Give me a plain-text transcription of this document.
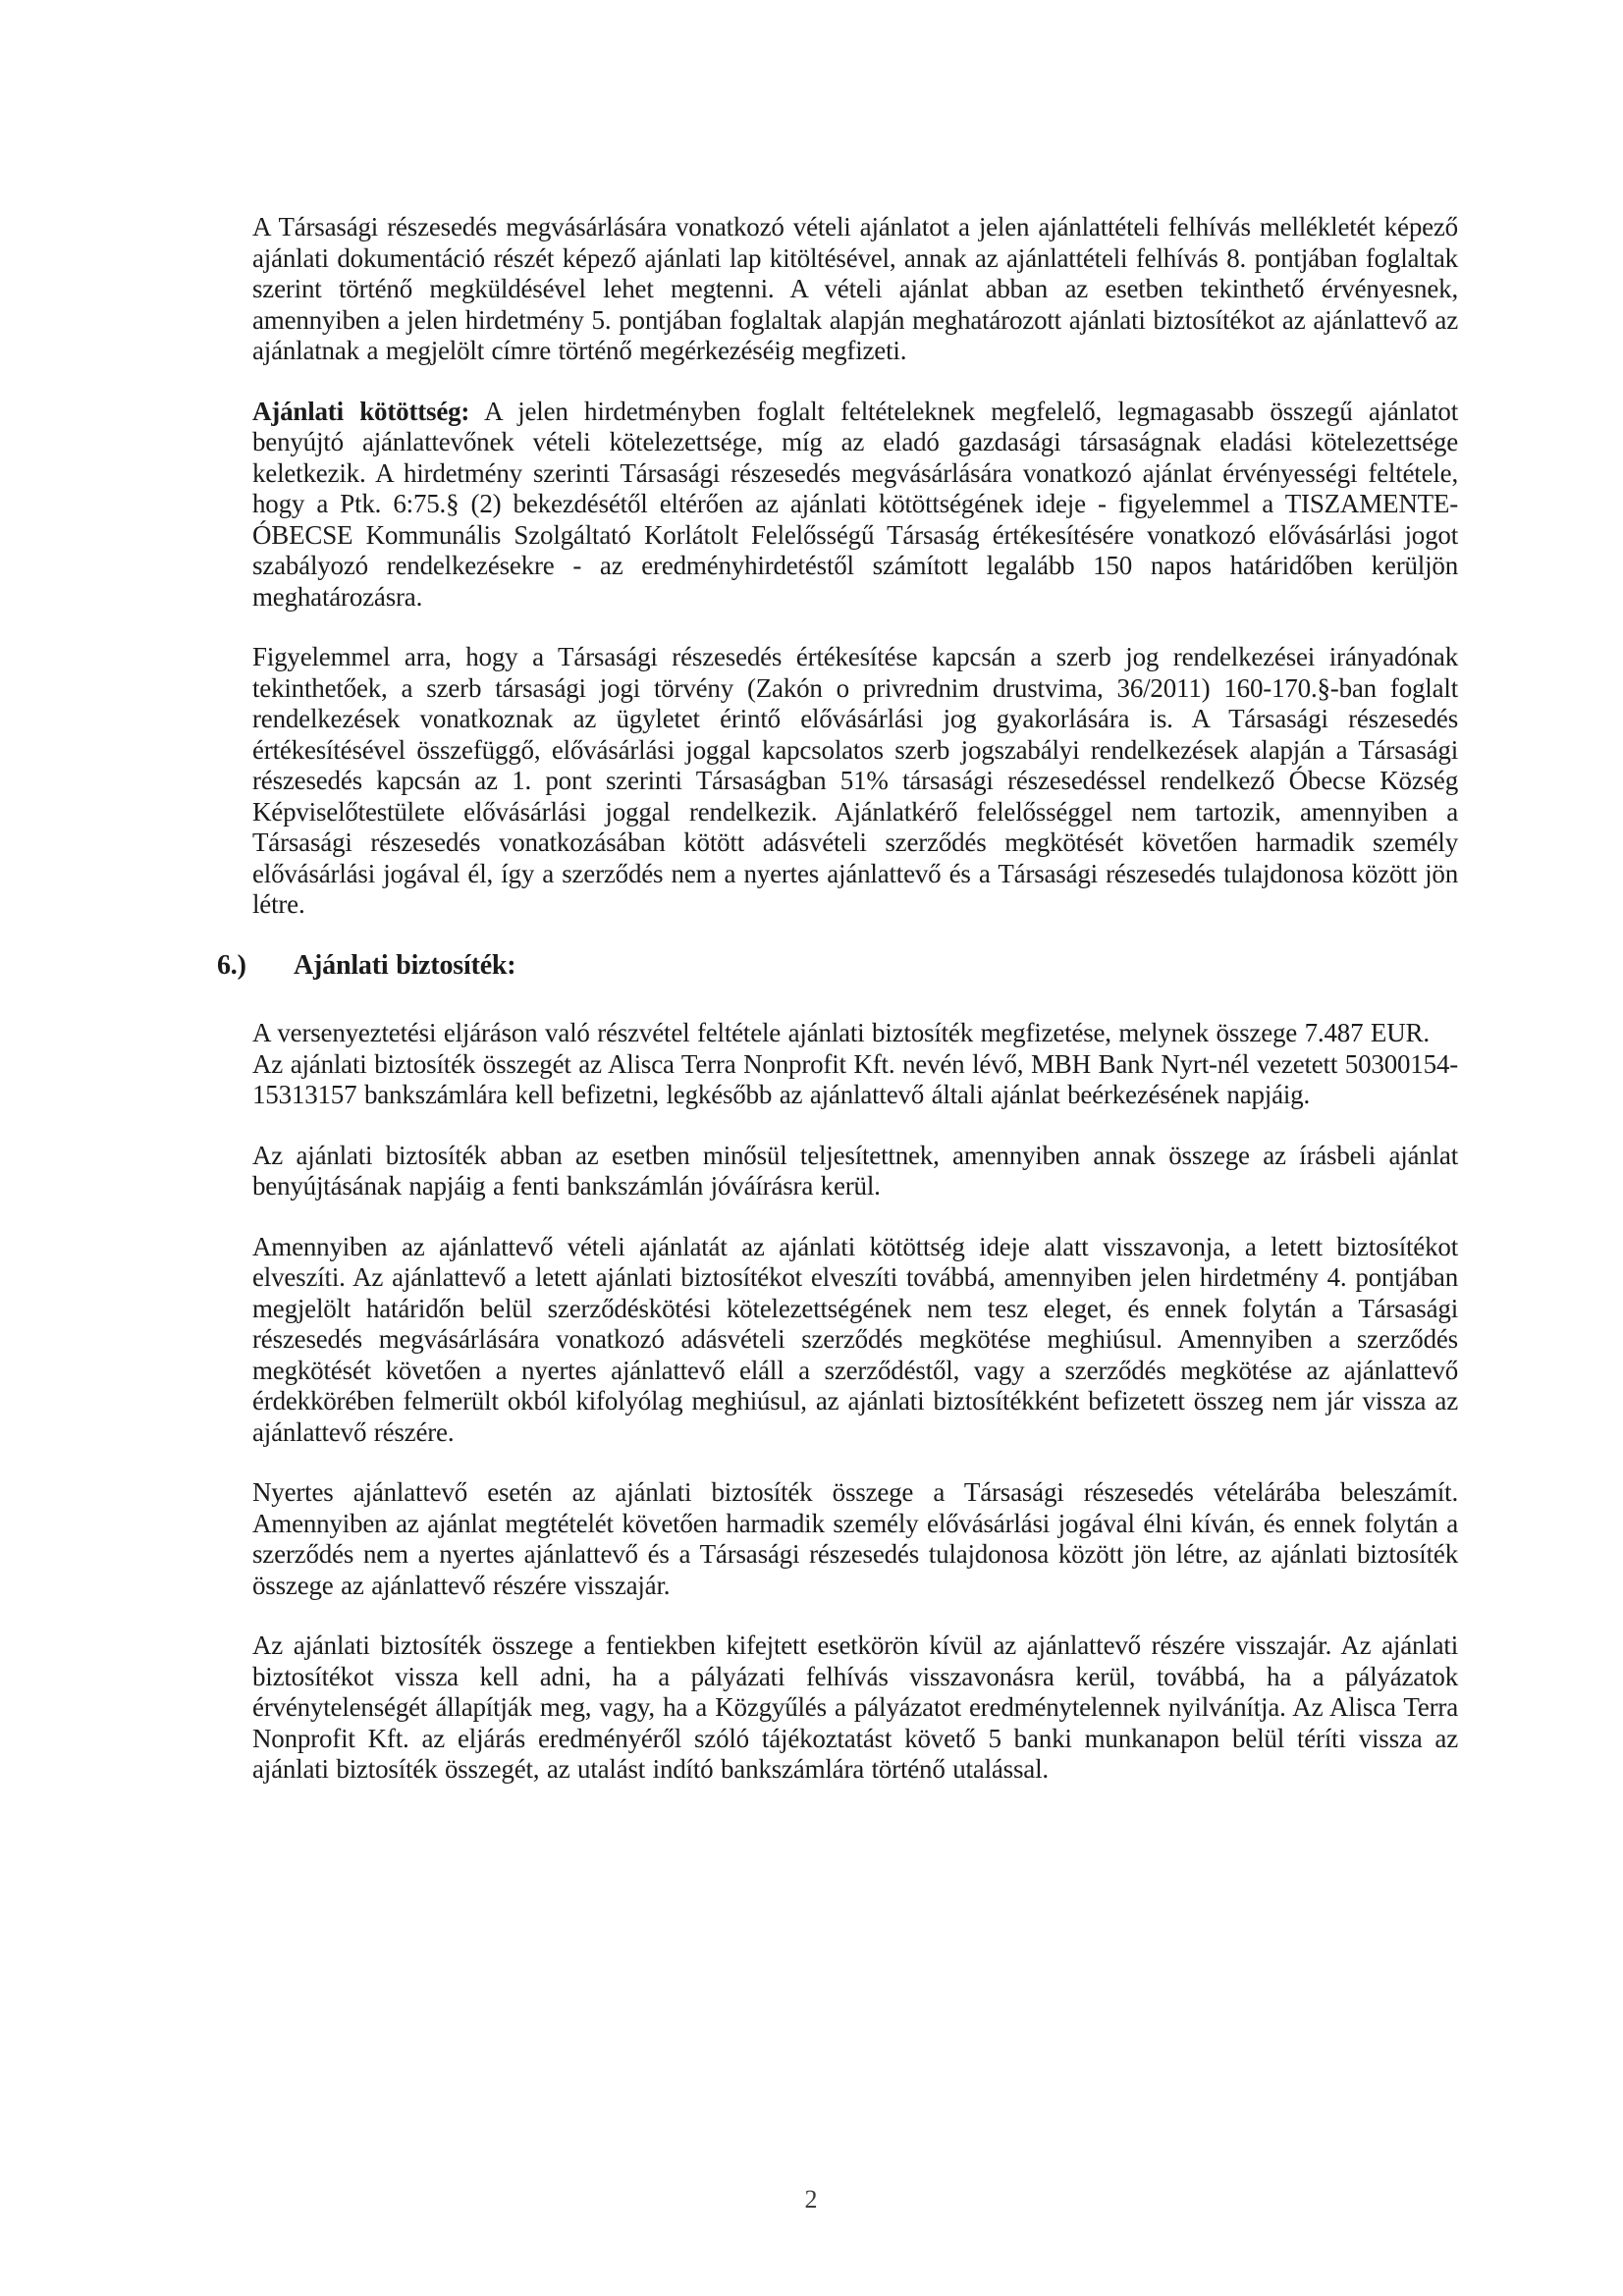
A Társasági részesedés megvásárlására vonatkozó vételi ajánlatot a jelen ajánlattételi felhívás mellékletét képező ajánlati dokumentáció részét képező ajánlati lap kitöltésével, annak az ajánlattételi felhívás 8. pontjában foglaltak szerint történő megküldésével lehet megtenni. A vételi ajánlat abban az esetben tekinthető érvényesnek, amennyiben a jelen hirdetmény 5. pontjában foglaltak alapján meghatározott ajánlati biztosítékot az ajánlattevő az ajánlatnak a megjelölt címre történő megérkezéséig megfizeti.

Ajánlati kötöttség: A jelen hirdetményben foglalt feltételeknek megfelelő, legmagasabb összegű ajánlatot benyújtó ajánlattevőnek vételi kötelezettsége, míg az eladó gazdasági társaságnak eladási kötelezettsége keletkezik. A hirdetmény szerinti Társasági részesedés megvásárlására vonatkozó ajánlat érvényességi feltétele, hogy a Ptk. 6:75.§ (2) bekezdésétől eltérően az ajánlati kötöttségének ideje - figyelemmel a TISZAMENTE-ÓBECSE Kommunális Szolgáltató Korlátolt Felelősségű Társaság értékesítésére vonatkozó elővásárlási jogot szabályozó rendelkezésekre - az eredményhirdetéstől számított legalább 150 napos határidőben kerüljön meghatározásra.

Figyelemmel arra, hogy a Társasági részesedés értékesítése kapcsán a szerb jog rendelkezései irányadónak tekinthetőek, a szerb társasági jogi törvény (Zakón o privrednim drustvima, 36/2011) 160-170.§-ban foglalt rendelkezések vonatkoznak az ügyletet érintő elővásárlási jog gyakorlására is. A Társasági részesedés értékesítésével összefüggő, elővásárlási joggal kapcsolatos szerb jogszabályi rendelkezések alapján a Társasági részesedés kapcsán az 1. pont szerinti Társaságban 51% társasági részesedéssel rendelkező Óbecse Község Képviselőtestülete elővásárlási joggal rendelkezik. Ajánlatkérő felelősséggel nem tartozik, amennyiben a Társasági részesedés vonatkozásában kötött adásvételi szerződés megkötését követően harmadik személy elővásárlási jogával él, így a szerződés nem a nyertes ajánlattevő és a Társasági részesedés tulajdonosa között jön létre.

6.) Ajánlati biztosíték:

A versenyeztetési eljáráson való részvétel feltétele ajánlati biztosíték megfizetése, melynek összege 7.487 EUR.

Az ajánlati biztosíték összegét az Alisca Terra Nonprofit Kft. nevén lévő, MBH Bank Nyrt-nél vezetett 50300154-15313157 bankszámlára kell befizetni, legkésőbb az ajánlattevő általi ajánlat beérkezésének napjáig.

Az ajánlati biztosíték abban az esetben minősül teljesítettnek, amennyiben annak összege az írásbeli ajánlat benyújtásának napjáig a fenti bankszámlán jóváírásra kerül.

Amennyiben az ajánlattevő vételi ajánlatát az ajánlati kötöttség ideje alatt visszavonja, a letett biztosítékot elveszíti. Az ajánlattevő a letett ajánlati biztosítékot elveszíti továbbá, amennyiben jelen hirdetmény 4. pontjában megjelölt határidőn belül szerződéskötési kötelezettségének nem tesz eleget, és ennek folytán a Társasági részesedés megvásárlására vonatkozó adásvételi szerződés megkötése meghiúsul. Amennyiben a szerződés megkötését követően a nyertes ajánlattevő eláll a szerződéstől, vagy a szerződés megkötése az ajánlattevő érdekkörében felmerült okból kifolyólag meghiúsul, az ajánlati biztosítékként befizetett összeg nem jár vissza az ajánlattevő részére.

Nyertes ajánlattevő esetén az ajánlati biztosíték összege a Társasági részesedés vételárába beleszámít. Amennyiben az ajánlat megtételét követően harmadik személy elővásárlási jogával élni kíván, és ennek folytán a szerződés nem a nyertes ajánlattevő és a Társasági részesedés tulajdonosa között jön létre, az ajánlati biztosíték összege az ajánlattevő részére visszajár.

Az ajánlati biztosíték összege a fentiekben kifejtett esetkörön kívül az ajánlattevő részére visszajár. Az ajánlati biztosítékot vissza kell adni, ha a pályázati felhívás visszavonásra kerül, továbbá, ha a pályázatok érvénytelenségét állapítják meg, vagy, ha a Közgyűlés a pályázatot eredménytelennek nyilvánítja. Az Alisca Terra Nonprofit Kft. az eljárás eredményéről szóló tájékoztatást követő 5 banki munkanapon belül téríti vissza az ajánlati biztosíték összegét, az utalást indító bankszámlára történő utalással.

2
